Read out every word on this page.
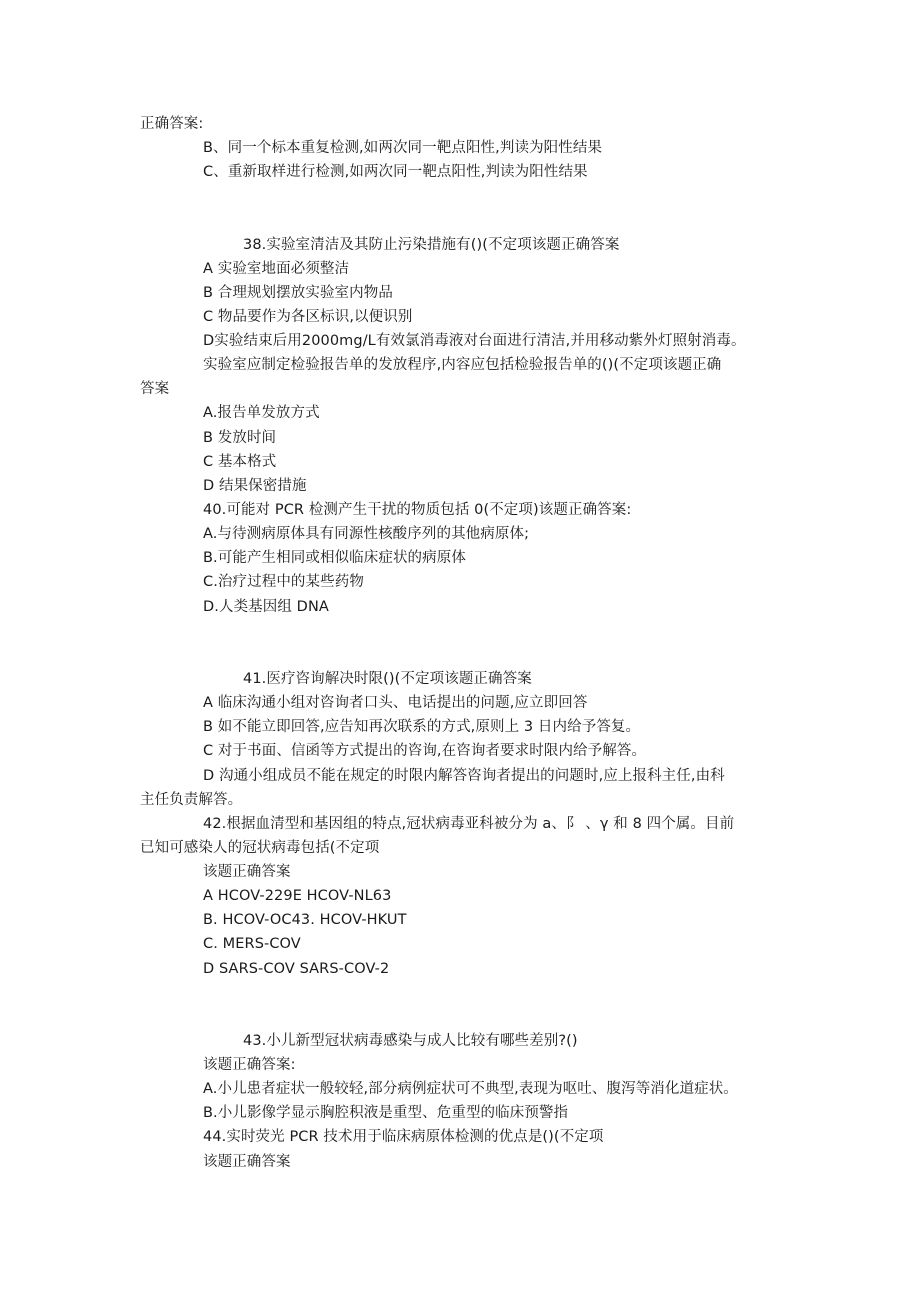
正确答案:
B、同一个标本重复检测,如两次同一靶点阳性,判读为阳性结果
C、重新取样进行检测,如两次同一靶点阳性,判读为阳性结果
38.实验室清洁及其防止污染措施有()(不定项该题正确答案
A 实验室地面必须整洁
B 合理规划摆放实验室内物品
C 物品要作为各区标识,以便识别
D实验结束后用2000mg/L有效氯消毒液对台面进行清洁,并用移动紫外灯照射消毒。
实验室应制定检验报告单的发放程序,内容应包括检验报告单的()(不定项该题正确
答案
A.报告单发放方式
B 发放时间
C 基本格式
D 结果保密措施
40.可能对 PCR 检测产生干扰的物质包括 0(不定项)该题正确答案:
A.与待测病原体具有同源性核酸序列的其他病原体;
B.可能产生相同或相似临床症状的病原体
C.治疗过程中的某些药物
D.人类基因组 DNA
41.医疗咨询解决时限()(不定项该题正确答案
A 临床沟通小组对咨询者口头、电话提出的问题,应立即回答
B 如不能立即回答,应告知再次联系的方式,原则上 3 日内给予答复。
C 对于书面、信函等方式提出的咨询,在咨询者要求时限内给予解答。
D 沟通小组成员不能在规定的时限内解答咨询者提出的问题时,应上报科主任,由科
主任负责解答。
42.根据血清型和基因组的特点,冠状病毒亚科被分为 a、阝 、γ 和 8 四个属。目前
已知可感染人的冠状病毒包括(不定项
该题正确答案
A HCOV-229E HCOV-NL63
B. HCOV-OC43. HCOV-HKUT
C. MERS-COV
D SARS-COV SARS-COV-2
43.小儿新型冠状病毒感染与成人比较有哪些差别?()
该题正确答案:
A.小儿患者症状一般较轻,部分病例症状可不典型,表现为呕吐、腹泻等消化道症状。
B.小儿影像学显示胸腔积液是重型、危重型的临床预警指
44.实时荧光 PCR 技术用于临床病原体检测的优点是()(不定项
该题正确答案
